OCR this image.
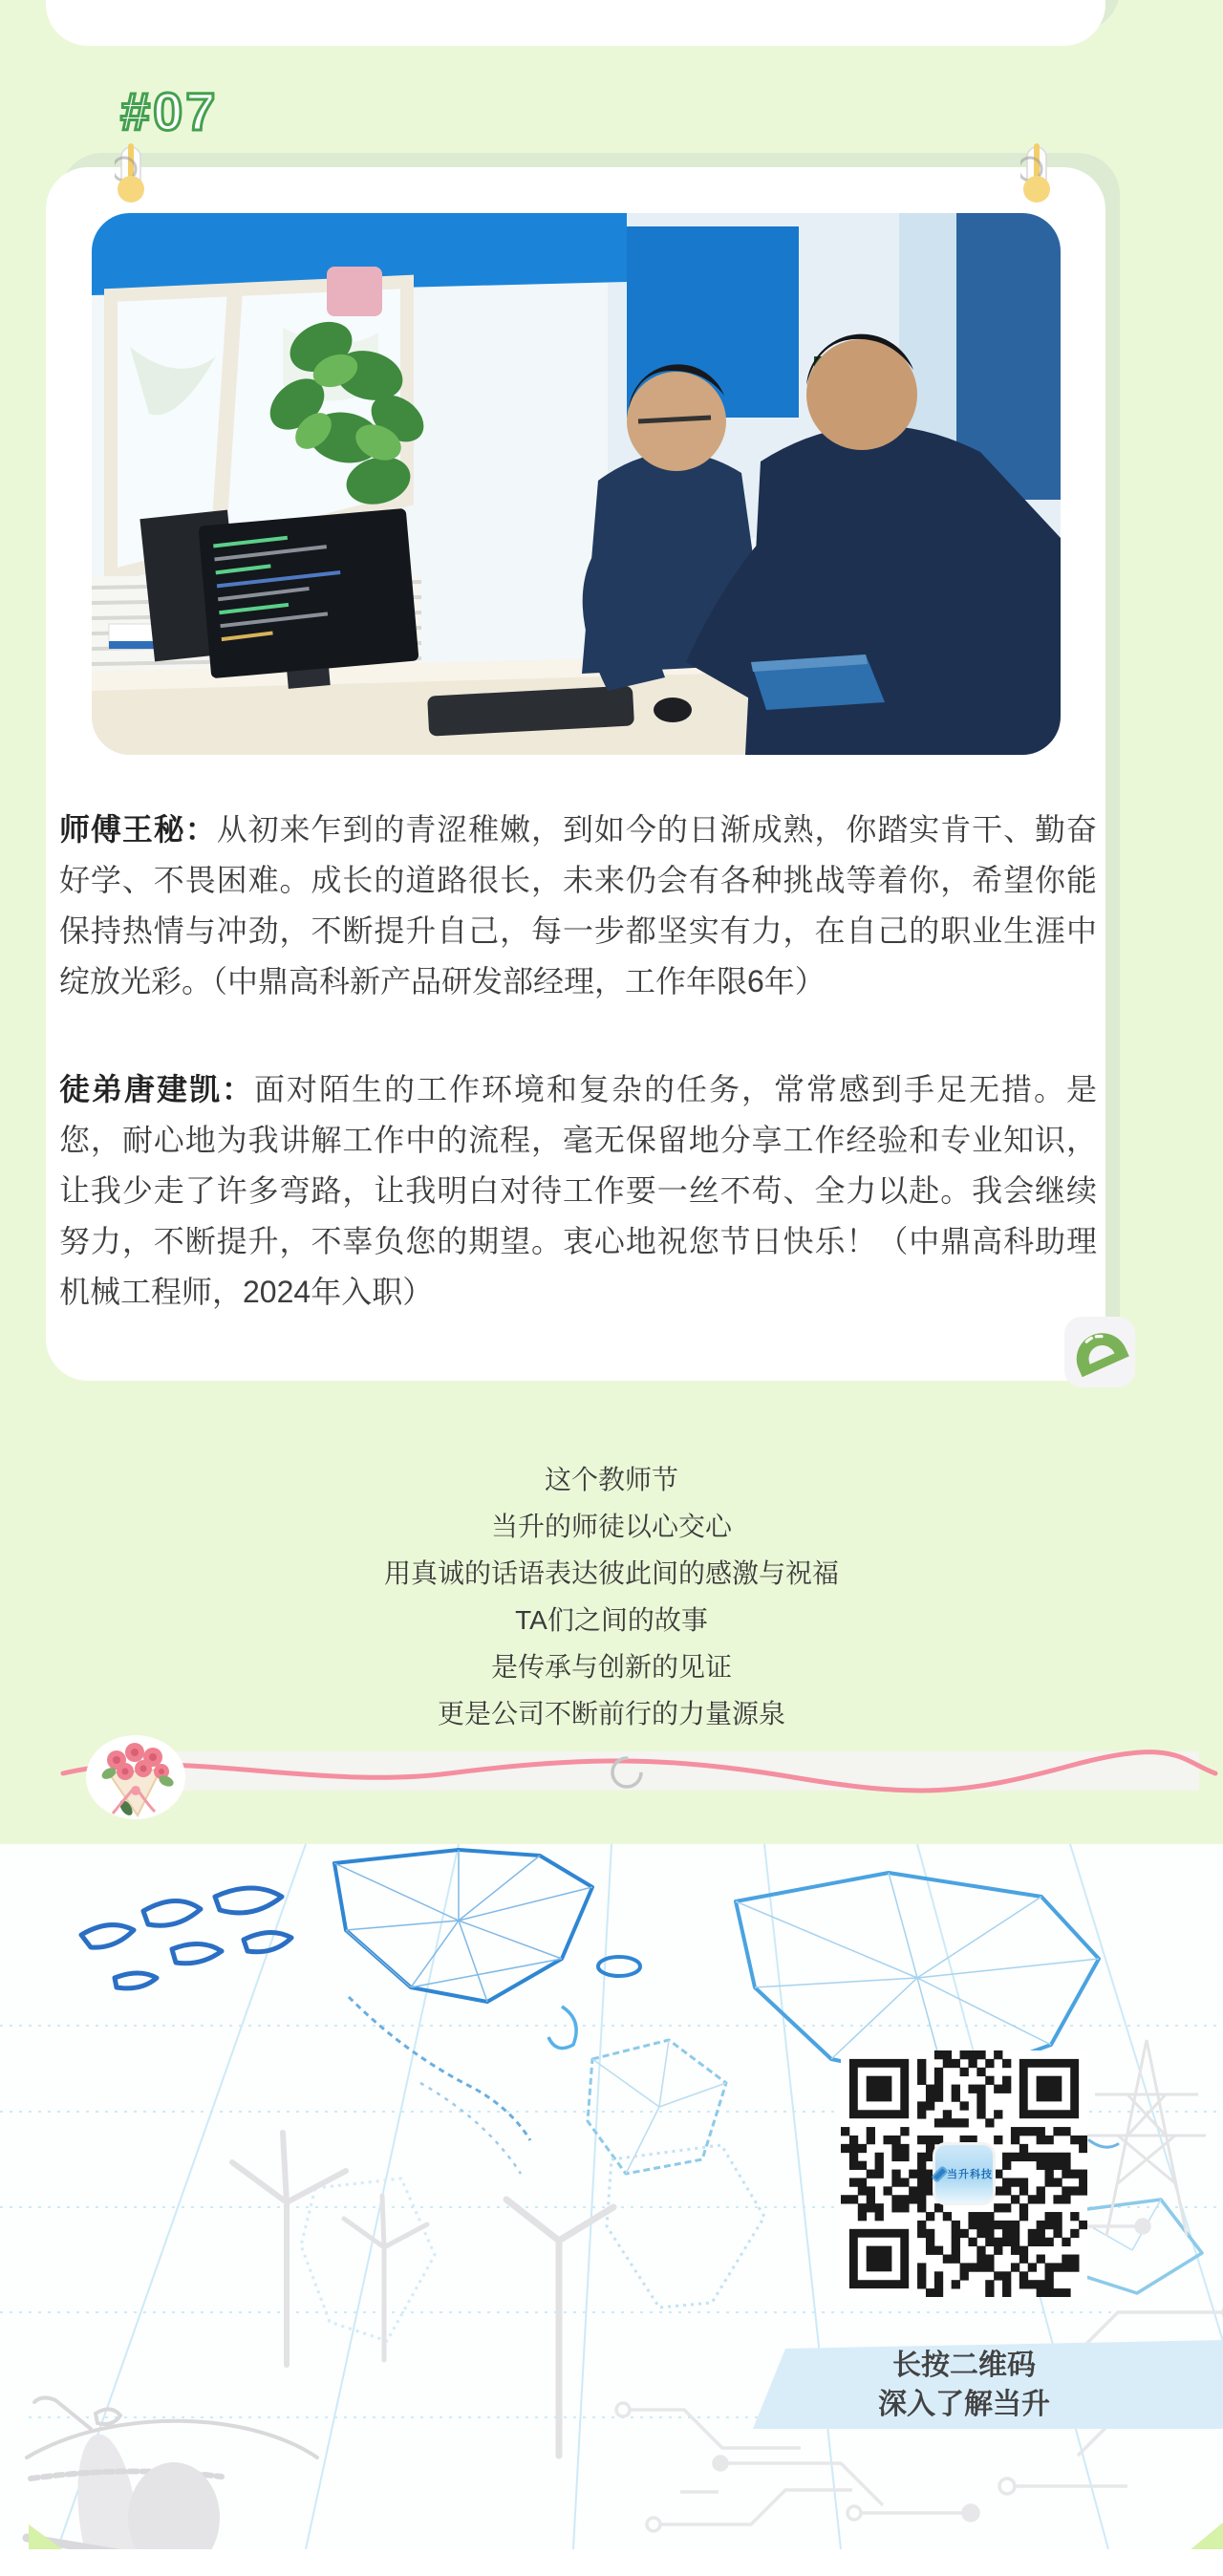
#07
师傅王秘：从初来乍到的青涩稚嫩，到如今的日渐成熟，你踏实肯干、勤奋好学、不畏困难。成长的道路很长，未来仍会有各种挑战等着你，希望你能保持热情与冲劲，不断提升自己，每一步都坚实有力，在自己的职业生涯中绽放光彩。（中鼎高科新产品研发部经理，工作年限6年）
徒弟唐建凯：面对陌生的工作环境和复杂的任务，常常感到手足无措。是您，耐心地为我讲解工作中的流程，毫无保留地分享工作经验和专业知识，让我少走了许多弯路，让我明白对待工作要一丝不苟、全力以赴。我会继续努力，不断提升，不辜负您的期望。衷心地祝您节日快乐！（中鼎高科助理机械工程师，2024年入职）
这个教师节
当升的师徒以心交心
用真诚的话语表达彼此间的感激与祝福
TA们之间的故事
是传承与创新的见证
更是公司不断前行的力量源泉
当升科技
长按二维码
深入了解当升
